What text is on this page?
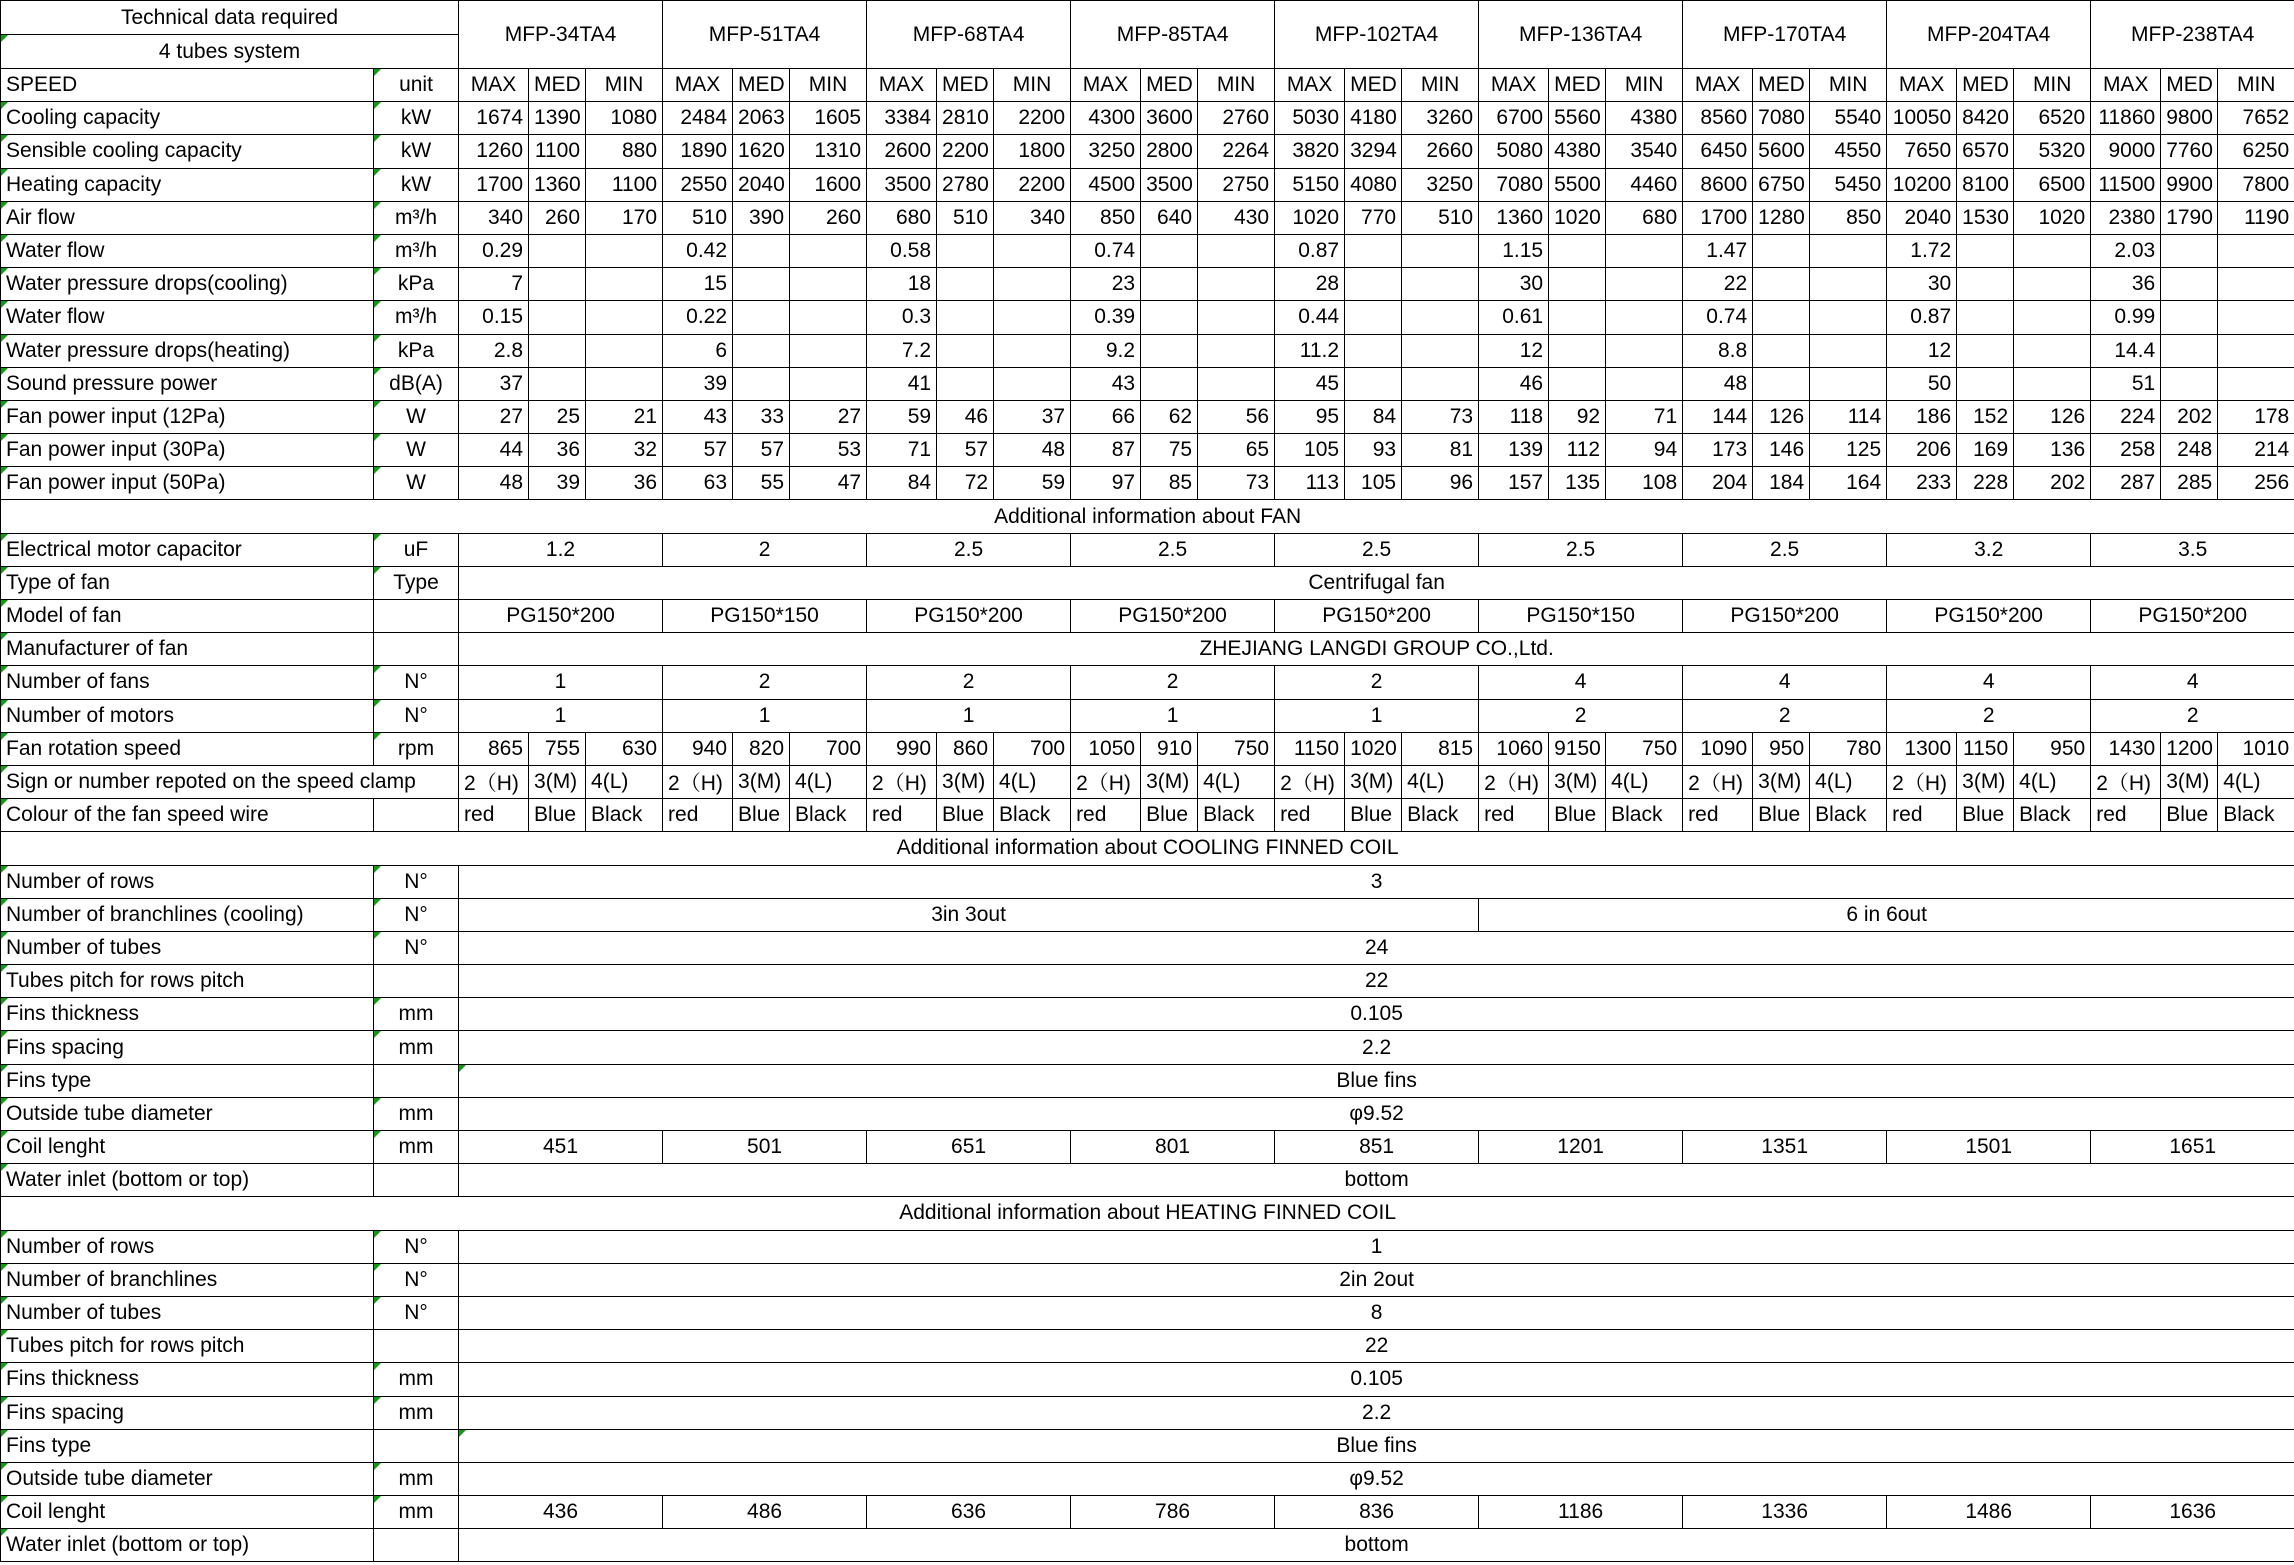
Technical data required		MFP-34TA4			MFP-51TA4			MFP-68TA4			MFP-85TA4			MFP-102TA4			MFP-136TA4			MFP-170TA4			MFP-204TA4			MFP-238TA4		
4 tubes system																												
SPEED	unit	MAX	MED	MIN	MAX	MED	MIN	MAX	MED	MIN	MAX	MED	MIN	MAX	MED	MIN	MAX	MED	MIN	MAX	MED	MIN	MAX	MED	MIN	MAX	MED	MIN
Cooling capacity	kW	1674	1390	1080	2484	2063	1605	3384	2810	2200	4300	3600	2760	5030	4180	3260	6700	5560	4380	8560	7080	5540	10050	8420	6520	11860	9800	7652
Sensible cooling capacity	kW	1260	1100	880	1890	1620	1310	2600	2200	1800	3250	2800	2264	3820	3294	2660	5080	4380	3540	6450	5600	4550	7650	6570	5320	9000	7760	6250
Heating capacity	kW	1700	1360	1100	2550	2040	1600	3500	2780	2200	4500	3500	2750	5150	4080	3250	7080	5500	4460	8600	6750	5450	10200	8100	6500	11500	9900	7800
Air flow	m³/h	340	260	170	510	390	260	680	510	340	850	640	430	1020	770	510	1360	1020	680	1700	1280	850	2040	1530	1020	2380	1790	1190
Water flow	m³/h	0.29			0.42			0.58			0.74			0.87			1.15			1.47			1.72			2.03		
Water pressure drops(cooling)	kPa	7			15			18			23			28			30			22			30			36		
Water flow	m³/h	0.15			0.22			0.3			0.39			0.44			0.61			0.74			0.87			0.99		
Water pressure drops(heating)	kPa	2.8			6			7.2			9.2			11.2			12			8.8			12			14.4		
Sound pressure power	dB(A)	37			39			41			43			45			46			48			50			51		
Fan power input (12Pa)	W	27	25	21	43	33	27	59	46	37	66	62	56	95	84	73	118	92	71	144	126	114	186	152	126	224	202	178
Fan power input (30Pa)	W	44	36	32	57	57	53	71	57	48	87	75	65	105	93	81	139	112	94	173	146	125	206	169	136	258	248	214
Fan power input (50Pa)	W	48	39	36	63	55	47	84	72	59	97	85	73	113	105	96	157	135	108	204	184	164	233	228	202	287	285	256
Additional information about FAN																												
Electrical motor capacitor	uF	1.2			2			2.5			2.5			2.5			2.5			2.5			3.2			3.5		
Type of fan	Type	Centrifugal fan																										
Model of fan		PG150*200			PG150*150			PG150*200			PG150*200			PG150*200			PG150*150			PG150*200			PG150*200			PG150*200		
Manufacturer of fan		ZHEJIANG LANGDI GROUP CO.,Ltd.																										
Number of fans	N°	1			2			2			2			2			4			4			4			4		
Number of motors	N°	1			1			1			1			1			2			2			2			2		
Fan rotation speed	rpm	865	755	630	940	820	700	990	860	700	1050	910	750	1150	1020	815	1060	9150	750	1090	950	780	1300	1150	950	1430	1200	1010
Sign or number repoted on the speed clamp		2（H)	3(M)	4(L)	2（H)	3(M)	4(L)	2（H)	3(M)	4(L)	2（H)	3(M)	4(L)	2（H)	3(M)	4(L)	2（H)	3(M)	4(L)	2（H)	3(M)	4(L)	2（H)	3(M)	4(L)	2（H)	3(M)	4(L)
Colour of the fan speed wire		red	Blue	Black	red	Blue	Black	red	Blue	Black	red	Blue	Black	red	Blue	Black	red	Blue	Black	red	Blue	Black	red	Blue	Black	red	Blue	Black
Additional information about COOLING FINNED COIL																												
Number of rows	N°	3																										
Number of branchlines (cooling)	N°	3in 3out															6 in 6out											
Number of tubes	N°	24																										
Tubes pitch for rows pitch		22																										
Fins thickness	mm	0.105																										
Fins spacing	mm	2.2																										
Fins type		Blue fins																										
Outside tube diameter	mm	φ9.52																										
Coil lenght	mm	451			501			651			801			851			1201			1351			1501			1651		
Water inlet (bottom or top)		bottom																										
Additional information about HEATING FINNED COIL																												
Number of rows	N°	1																										
Number of branchlines	N°	2in 2out																										
Number of tubes	N°	8																										
Tubes pitch for rows pitch		22																										
Fins thickness	mm	0.105																										
Fins spacing	mm	2.2																										
Fins type		Blue fins																										
Outside tube diameter	mm	φ9.52																										
Coil lenght	mm	436			486			636			786			836			1186			1336			1486			1636		
Water inlet (bottom or top)		bottom																										
